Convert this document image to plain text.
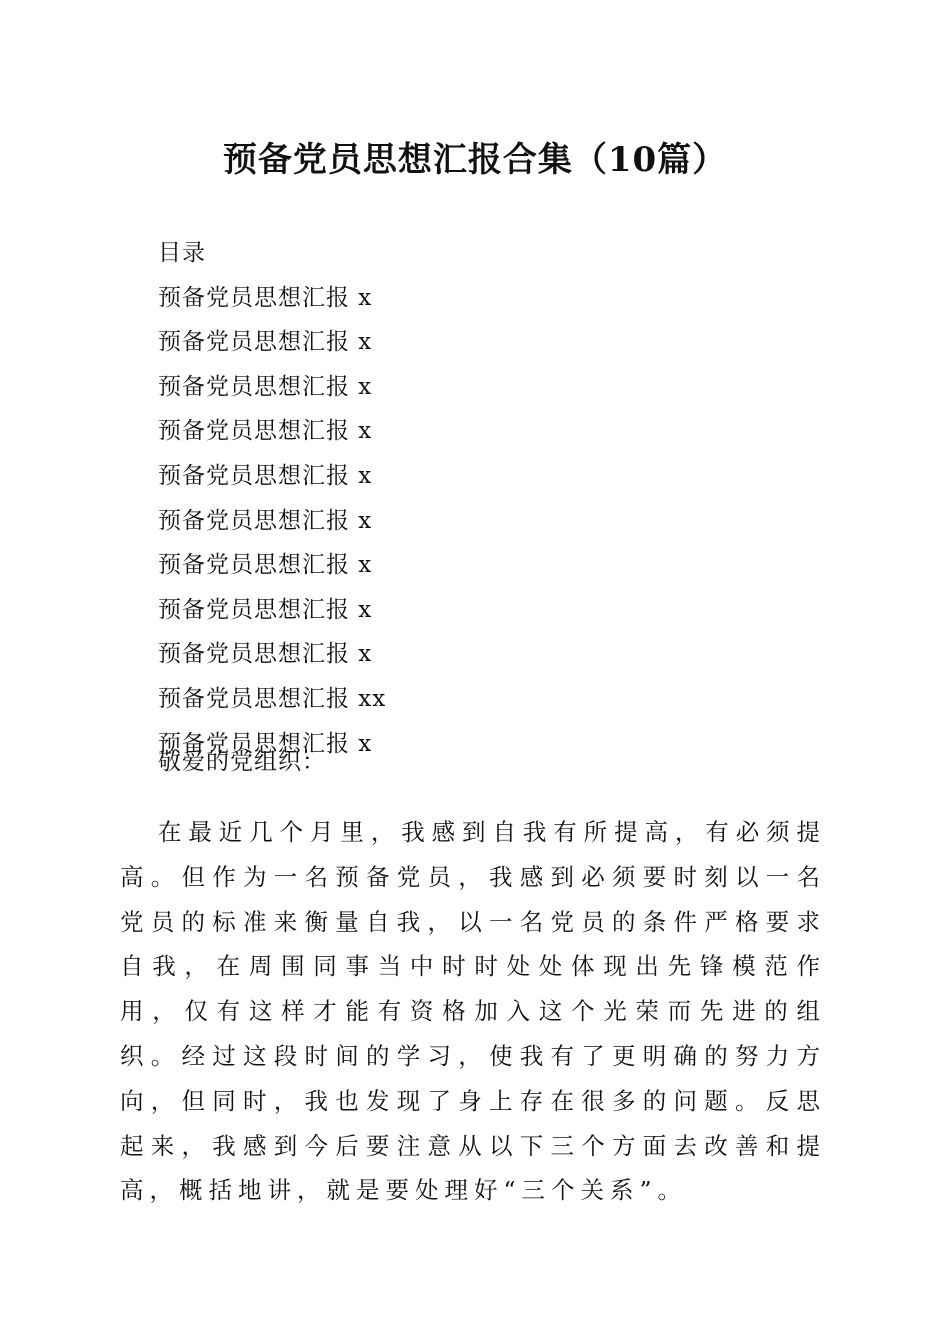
预备党员思想汇报合集（10篇）
目录
预备党员思想汇报 x
预备党员思想汇报 x
预备党员思想汇报 x
预备党员思想汇报 x
预备党员思想汇报 x
预备党员思想汇报 x
预备党员思想汇报 x
预备党员思想汇报 x
预备党员思想汇报 x
预备党员思想汇报 xx
预备党员思想汇报 x
敬爱的党组织：

在最近几个月里，我感到自我有所提高，有必须提高。但作为一名预备党员，我感到必须要时刻以一名党员的标准来衡量自我，以一名党员的条件严格要求自我，在周围同事当中时时处处体现出先锋模范作用，仅有这样才能有资格加入这个光荣而先进的组织。经过这段时间的学习，使我有了更明确的努力方向，但同时，我也发现了身上存在很多的问题。反思起来，我感到今后要注意从以下三个方面去改善和提高，概括地讲，就是要处理好“三个关系”。
